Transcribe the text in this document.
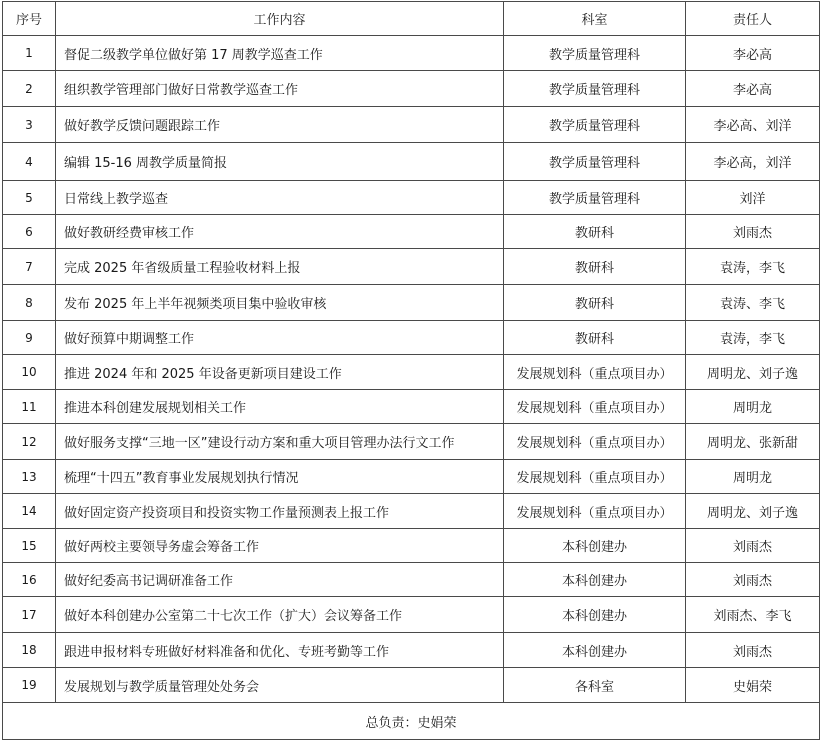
序号	工作内容	科室	责任人
1	督促二级教学单位做好第 17 周教学巡查工作	教学质量管理科	李必高
2	组织教学管理部门做好日常教学巡查工作	教学质量管理科	李必高
3	做好教学反馈问题跟踪工作	教学质量管理科	李必高、刘洋
4	编辑 15-16 周教学质量简报	教学质量管理科	李必高，刘洋
5	日常线上教学巡查	教学质量管理科	刘洋
6	做好教研经费审核工作	教研科	刘雨杰
7	完成 2025 年省级质量工程验收材料上报	教研科	袁涛，李飞
8	发布 2025 年上半年视频类项目集中验收审核	教研科	袁涛、李飞
9	做好预算中期调整工作	教研科	袁涛，李飞
10	推进 2024 年和 2025 年设备更新项目建设工作	发展规划科（重点项目办）	周明龙、刘子逸
11	推进本科创建发展规划相关工作	发展规划科（重点项目办）	周明龙
12	做好服务支撑“三地一区”建设行动方案和重大项目管理办法行文工作	发展规划科（重点项目办）	周明龙、张新甜
13	梳理“十四五”教育事业发展规划执行情况	发展规划科（重点项目办）	周明龙
14	做好固定资产投资项目和投资实物工作量预测表上报工作	发展规划科（重点项目办）	周明龙、刘子逸
15	做好两校主要领导务虚会筹备工作	本科创建办	刘雨杰
16	做好纪委高书记调研准备工作	本科创建办	刘雨杰
17	做好本科创建办公室第二十七次工作（扩大）会议筹备工作	本科创建办	刘雨杰、李飞
18	跟进申报材料专班做好材料准备和优化、专班考勤等工作	本科创建办	刘雨杰
19	发展规划与教学质量管理处处务会	各科室	史娟荣
总负责：史娟荣			
